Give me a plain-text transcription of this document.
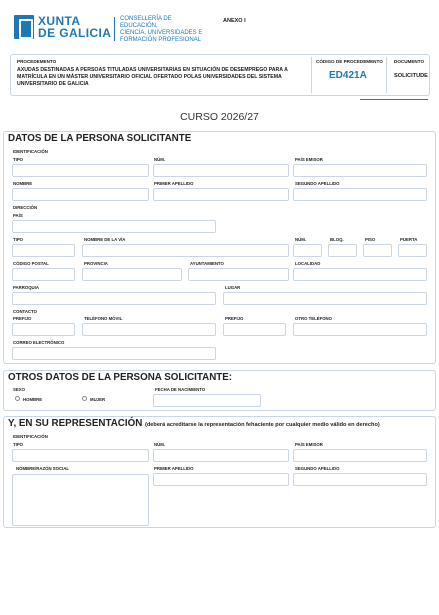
XUNTA
DE GALICIA
CONSELLERÍA DE EDUCACIÓN,
CIENCIA, UNIVERSIDADES E
FORMACIÓN PROFESIONAL
ANEXO I
PROCEDEMENTO
AXUDAS DESTINADAS A PERSOAS TITULADAS UNIVERSITARIAS EN SITUACIÓN DE DESEMPREGO PARA A MATRÍCULA EN UN MÁSTER UNIVERSITARIO OFICIAL OFERTADO POLAS UNIVERSIDADES DEL SISTEMA UNIVERSITARIO DE GALICIA
CÓDIGO DE PROCEDEMENTO
ED421A
DOCUMENTO
SOLICITUDE
CURSO 2026/27
DATOS DE LA PERSONA SOLICITANTE
IDENTIFICACIÓN
TIPO	NÚM.	PAÍS EMISOR
NOMBRE	PRIMER APELLIDO	SEGUNDO APELLIDO
DIRECCIÓN
PAÍS
TIPO	NOMBRE DE LA VÍA	NÚM.	BLOQ.	PISO	PUERTA
CÓDIGO POSTAL	PROVINCIA	AYUNTAMIENTO	LOCALIDAD
PARROQUIA	LUGAR
CONTACTO
PREFIJO	TELÉFONO MÓVIL	PREFIJO	OTRO TELÉFONO
CORREO ELECTRÓNICO
OTROS DATOS DE LA PERSONA SOLICITANTE:
SEXO
HOMBRE	MUJER
FECHA DE NACIMIENTO
Y, EN SU REPRESENTACIÓN (deberá acreditarse la representación fehaciente por cualquier medio válido en derecho)
IDENTIFICACIÓN
TIPO	NÚM.	PAÍS EMISOR
NOMBRE/RAZÓN SOCIAL	PRIMER APELLIDO	SEGUNDO APELLIDO
